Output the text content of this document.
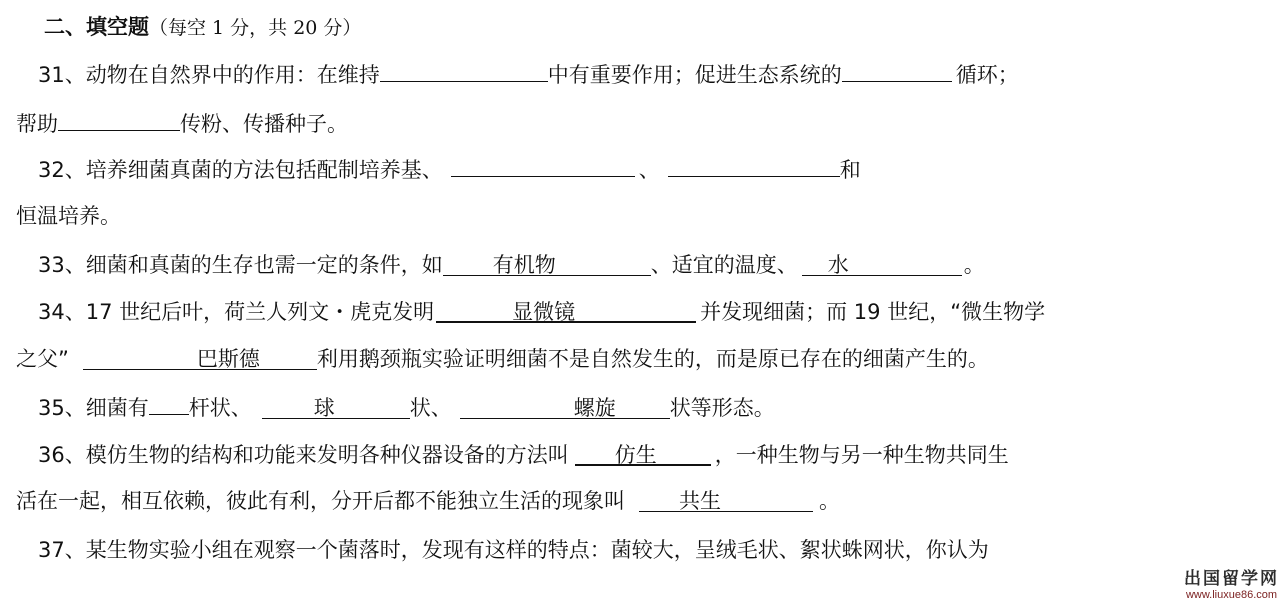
二、填空题（每空 1 分，共 20 分）
31、动物在自然界中的作用：在维持	中有重要作用；促进生态系统的	循环；
帮助	传粉、传播种子。
32、培养细菌真菌的方法包括配制培养基、	、	和
恒温培养。
33、细菌和真菌的生存也需一定的条件，如 有机物	、适宜的温度、 水	。
34、17 世纪后叶，荷兰人列文・虎克发明	显微镜	并发现细菌；而 19 世纪，“微生物学
之父”	巴斯德	利用鹅颈瓶实验证明细菌不是自然发生的，而是原已存在的细菌产生的。
35、细菌有 杆状、	球	状、	螺旋	状等形态。
36、模仿生物的结构和功能来发明各种仪器设备的方法叫 仿生	，一种生物与另一种生物共同生
活在一起，相互依赖，彼此有利，分开后都不能独立生活的现象叫	共生	。
37、某生物实验小组在观察一个菌落时，发现有这样的特点：菌较大，呈绒毛状、絮状蛛网状，你认为
出国留学网
www.liuxue86.com
